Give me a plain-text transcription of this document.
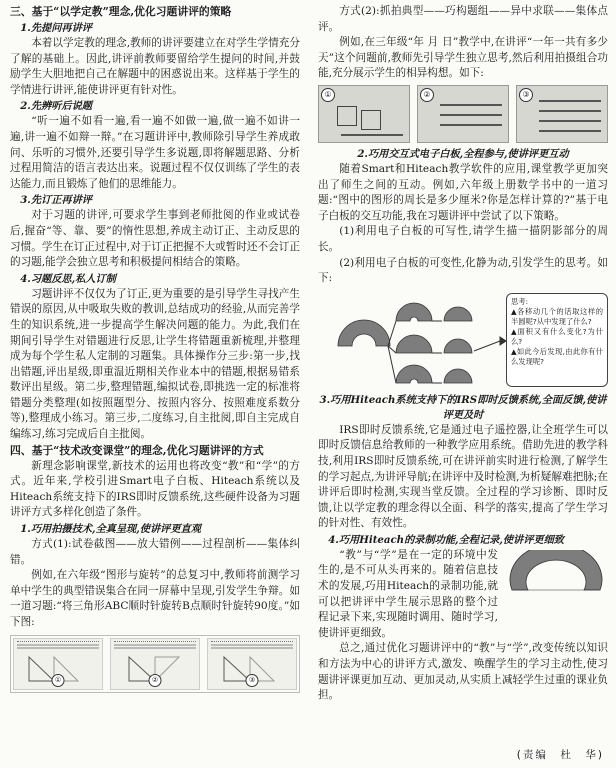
三、基于“以学定教”理念,优化习题讲评的策略
1.先提问再讲评

本着以学定教的理念,教师的讲评要建立在对学生学情充分了解的基础上。因此,讲评前教师要留给学生提问的时间,并鼓励学生大胆地把自己在解题中的困惑说出来。这样基于学生的学情进行讲评,能使讲评更有针对性。

2.先辨听后说题

“听一遍不如看一遍,看一遍不如做一遍,做一遍不如讲一遍,讲一遍不如辩一辩。”在习题讲评中,教师除引导学生养成敢问、乐听的习惯外,还要引导学生多说题,即将解题思路、分析过程用简洁的语言表达出来。说题过程不仅仅训练了学生的表达能力,而且锻炼了他们的思维能力。

3.先订正再讲评

对于习题的讲评,可要求学生事到老师批阅的作业或试卷后,握奋“等、靠、要”的惰性思想,养成主动订正、主动反思的习惯。学生在订正过程中,对于订正把握不大或暂时还不会订正的习题,能学会独立思考和积极提问相结合的策略。

4.习题反思,私人订制

习题讲评不仅仅为了订正,更为重要的是引导学生寻找产生错误的原因,从中吸取失败的教训,总结成功的经验,从而完善学生的知识系统,进一步提高学生解决问题的能力。为此,我们在期间引导学生对错题进行反思,让学生将错题重新梳理,并整理成为每个学生私人定制的习题集。具体操作分三步:第一步,找出错题,评出星级,即重温近期相关作业本中的错题,根据易错系数评出星级。第二步,整理错题,编拟试卷,即挑选一定的标准将错题分类整理(如按照题型分、按照内容分、按照难度系数分等),整理成小练习。第三步,二度练习,自主批阅,即自主完成自编练习,练习完成后自主批阅。

四、基于“技术改变课堂”的理念,优化习题讲评的方式

新理念影响课堂,新技术的运用也将改变“教”和“学”的方式。近年来,学校引进Smart电子白板、Hiteach系统以及Hiteach系统支持下的IRS即时反馈系统,这些硬件设备为习题讲评方式多样化创造了条件。

1.巧用拍摄技术,全真呈现,使讲评更直观

方式(1):试卷截图——放大错例——过程剖析——集体纠错。

例如,在六年级“图形与旋转”的总复习中,教师将前测学习单中学生的典型错误集合在同一屏幕中呈现,引发学生争辩。如一道习题:“将三角形ABC顺时针旋转B点顺时针旋转90度。”如下图:

①	②	③

方式(2):抓拍典型——巧构题组——异中求联——集体点评。

例如,在三年级“年 月 日”教学中,在讲评“一年一共有多少天”这个问题前,教师先引导学生独立思考,然后利用拍摄组合功能,充分展示学生的相异构想。如下:

①	②	③
2.巧用交互式电子白板,全程参与,使讲评更互动

随着Smart和Hiteach教学软件的应用,课堂教学更加突出了师生之间的互动。例如,六年级上册数学书中的一道习题:“图中的图形的周长是多少厘米?你是怎样计算的?”基于电子白板的交互功能,我在习题讲评中尝试了以下策略。

(1)利用电子白板的可写性,请学生描一描阴影部分的周长。

(2)利用电子白板的可变性,化静为动,引发学生的思考。如下:

思考:

▲各移动几个的话取这样的半圆呢?从中发现了什么?

▲面积又有什么变化?为什么?

▲如此今后发现,由此你有什么发现呢?

3.巧用Hiteach系统支持下的IRS即时反馈系统,全面反馈,使讲评更及时

IRS即时反馈系统,它是通过电子遥控器,让全班学生可以即时反馈信息给教师的一种教学应用系统。借助先进的教学科技,利用IRS即时反馈系统,可在讲评前实时进行检测,了解学生的学习起点,为讲评导航;在讲评中及时检测,为析疑解难把脉;在讲评后即时检测,实现当堂反馈。全过程的学习诊断、即时反馈,让以学定教的理念得以全面、科学的落实,提高了学生学习的针对性、有效性。

4.巧用Hiteach的录制功能,全程记录,使讲评更细致

“教”与“学”是在一定的环境中发生的,是不可从头再来的。随着信息技术的发展,巧用Hiteach的录制功能,就可以把讲评中学生展示思路的整个过程记录下来,实现随时调用、随时学习,使讲评更细致。

总之,通过优化习题讲评中的“教”与“学”,改变传统以知识和方法为中心的讲评方式,激发、唤醒学生的学习主动性,使习题讲评课更加互动、更加灵动,从实质上减轻学生过重的课业负担。

(责编　杜　华)
